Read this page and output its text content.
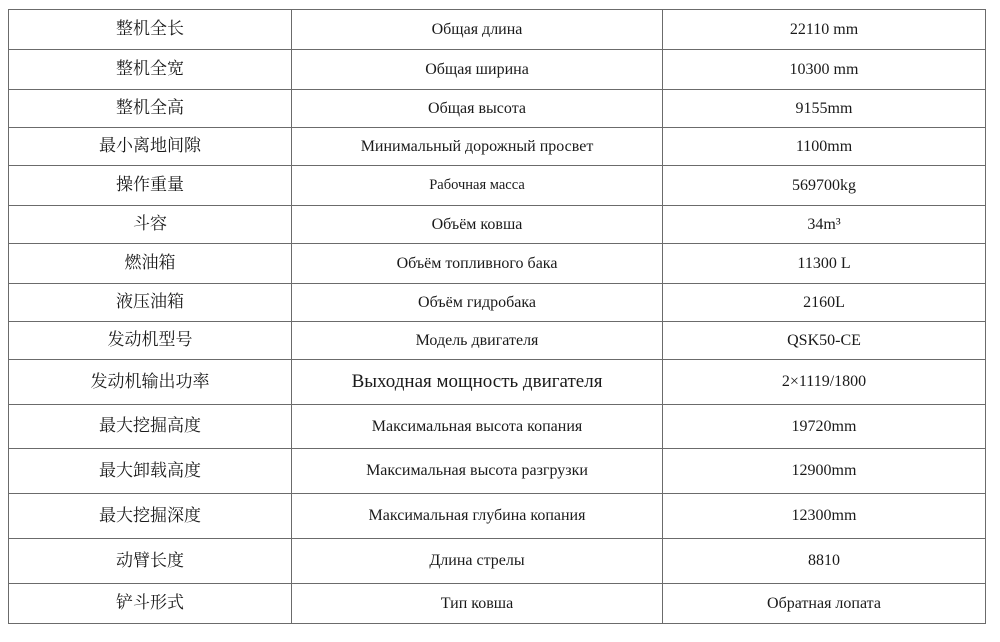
整机全长	Общая длина	22110 mm
整机全宽	Общая ширина	10300 mm
整机全高	Общая высота	9155mm
最小离地间隙	Минимальный дорожный просвет	1100mm
操作重量	Рабочная масса	569700kg
斗容	Объём ковша	34m³
燃油箱	Объём топливного бака	11300 L
液压油箱	Объём гидробака	2160L
发动机型号	Модель двигателя	QSK50-CE
发动机输出功率	Выходная мощность двигателя	2×1119/1800
最大挖掘高度	Максимальная высота копания	19720mm
最大卸载高度	Максимальная высота разгрузки	12900mm
最大挖掘深度	Максимальная глубина копания	12300mm
动臂长度	Длина стрелы	8810
铲斗形式	Тип ковша	Обратная лопата
